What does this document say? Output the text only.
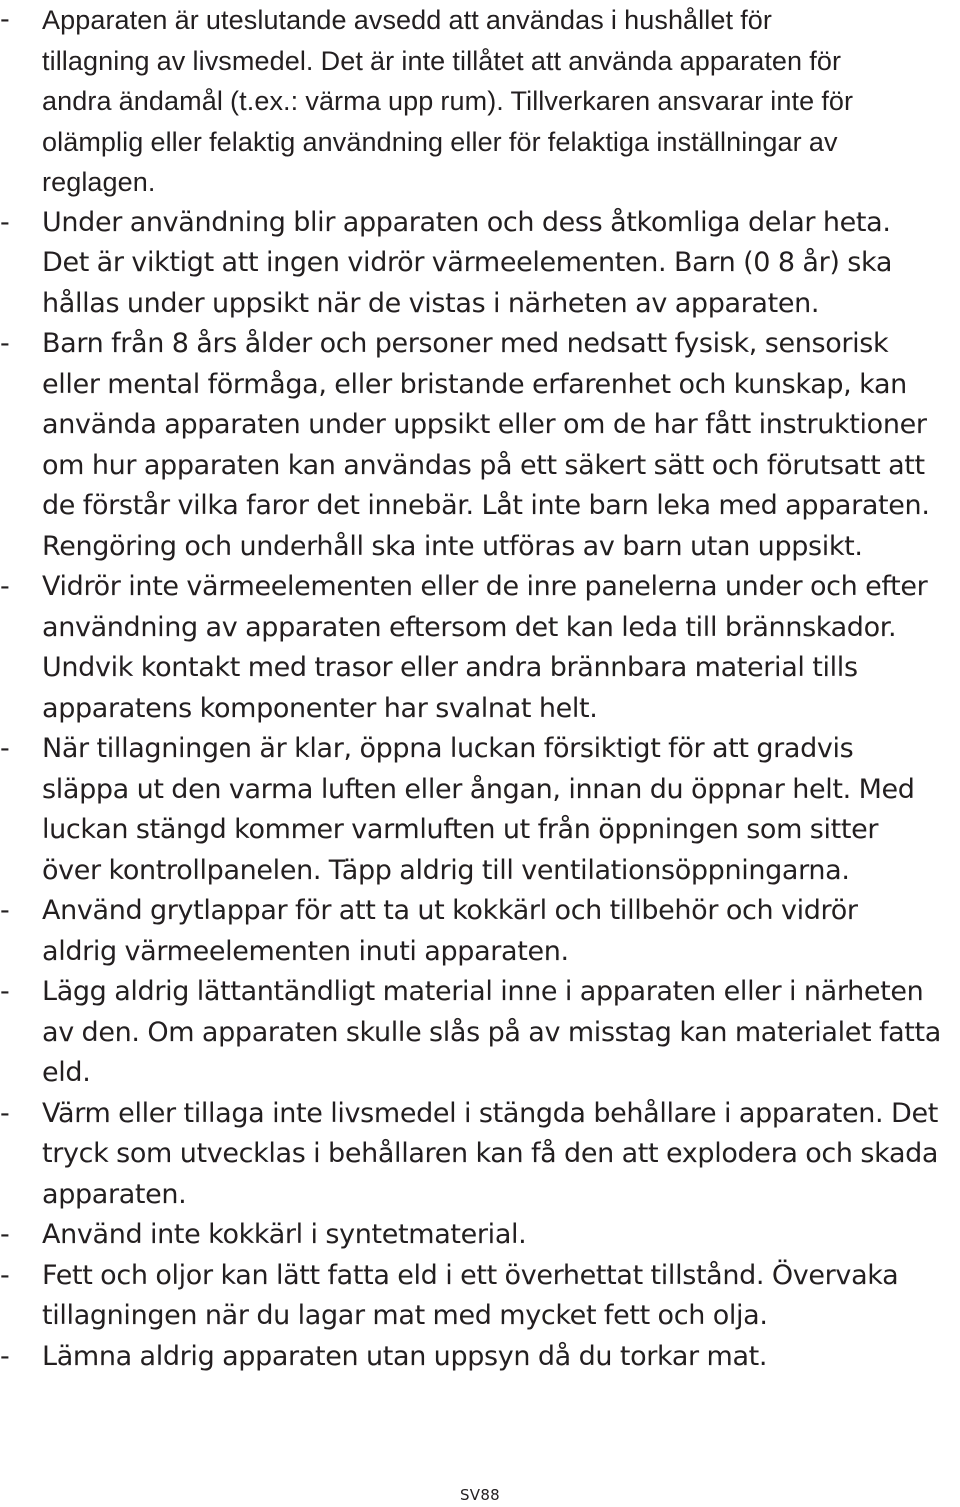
-	Apparaten är uteslutande avsedd att användas i hushållet för
tillagning av livsmedel. Det är inte tillåtet att använda apparaten för
andra ändamål (t.ex.: värma upp rum). Tillverkaren ansvarar inte för
olämplig eller felaktig användning eller för felaktiga inställningar av
reglagen.
-	Under användning blir apparaten och dess åtkomliga delar heta.
Det är viktigt att ingen vidrör värmeelementen. Barn (0 8 år) ska
hållas under uppsikt när de vistas i närheten av apparaten.
-	Barn från 8 års ålder och personer med nedsatt fysisk, sensorisk
eller mental förmåga, eller bristande erfarenhet och kunskap, kan
använda apparaten under uppsikt eller om de har fått instruktioner
om hur apparaten kan användas på ett säkert sätt och förutsatt att
de förstår vilka faror det innebär. Låt inte barn leka med apparaten.
Rengöring och underhåll ska inte utföras av barn utan uppsikt.
-	Vidrör inte värmeelementen eller de inre panelerna under och efter
användning av apparaten eftersom det kan leda till brännskador.
Undvik kontakt med trasor eller andra brännbara material tills
apparatens komponenter har svalnat helt.
-	När tillagningen är klar, öppna luckan försiktigt för att gradvis
släppa ut den varma luften eller ångan, innan du öppnar helt. Med
luckan stängd kommer varmluften ut från öppningen som sitter
över kontrollpanelen. Täpp aldrig till ventilationsöppningarna.
-	Använd grytlappar för att ta ut kokkärl och tillbehör och vidrör
aldrig värmeelementen inuti apparaten.
-	Lägg aldrig lättantändligt material inne i apparaten eller i närheten
av den. Om apparaten skulle slås på av misstag kan materialet fatta
eld.
-	Värm eller tillaga inte livsmedel i stängda behållare i apparaten. Det
tryck som utvecklas i behållaren kan få den att explodera och skada
apparaten.
-	Använd inte kokkärl i syntetmaterial.
-	Fett och oljor kan lätt fatta eld i ett överhettat tillstånd. Övervaka
tillagningen när du lagar mat med mycket fett och olja.
-	Lämna aldrig apparaten utan uppsyn då du torkar mat.
SV88
